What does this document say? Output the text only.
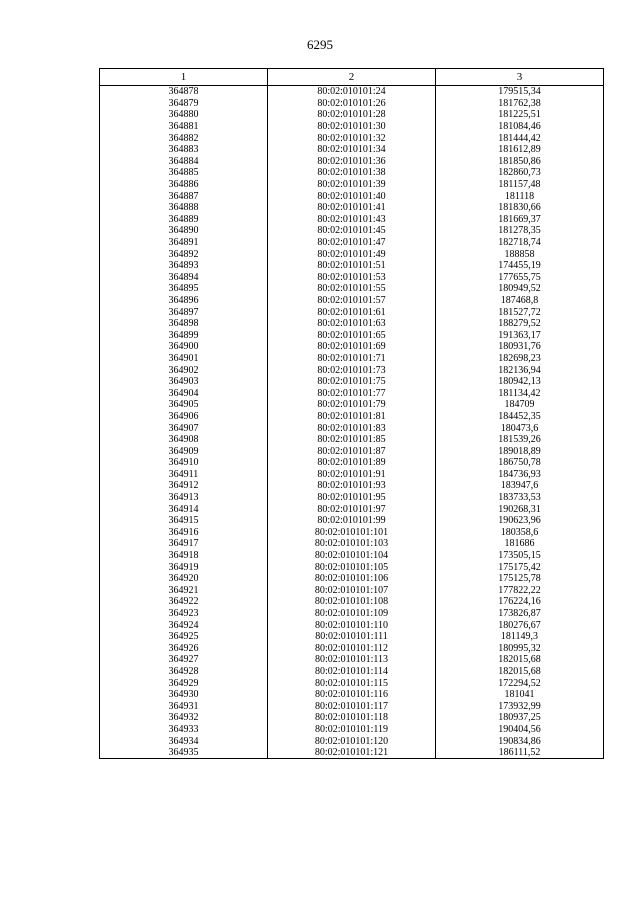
6295
1	2	3
364878	80:02:010101:24	179515,34
364879	80:02:010101:26	181762,38
364880	80:02:010101:28	181225,51
364881	80:02:010101:30	181084,46
364882	80:02:010101:32	181444,42
364883	80:02:010101:34	181612,89
364884	80:02:010101:36	181850,86
364885	80:02:010101:38	182860,73
364886	80:02:010101:39	181157,48
364887	80:02:010101:40	181118
364888	80:02:010101:41	181830,66
364889	80:02:010101:43	181669,37
364890	80:02:010101:45	181278,35
364891	80:02:010101:47	182718,74
364892	80:02:010101:49	188858
364893	80:02:010101:51	174455,19
364894	80:02:010101:53	177655,75
364895	80:02:010101:55	180949,52
364896	80:02:010101:57	187468,8
364897	80:02:010101:61	181527,72
364898	80:02:010101:63	188279,52
364899	80:02:010101:65	191363,17
364900	80:02:010101:69	180931,76
364901	80:02:010101:71	182698,23
364902	80:02:010101:73	182136,94
364903	80:02:010101:75	180942,13
364904	80:02:010101:77	181134,42
364905	80:02:010101:79	184709
364906	80:02:010101:81	184452,35
364907	80:02:010101:83	180473,6
364908	80:02:010101:85	181539,26
364909	80:02:010101:87	189018,89
364910	80:02:010101:89	186750,78
364911	80:02:010101:91	184736,93
364912	80:02:010101:93	183947,6
364913	80:02:010101:95	183733,53
364914	80:02:010101:97	190268,31
364915	80:02:010101:99	190623,96
364916	80:02:010101:101	180358,6
364917	80:02:010101:103	181686
364918	80:02:010101:104	173505,15
364919	80:02:010101:105	175175,42
364920	80:02:010101:106	175125,78
364921	80:02:010101:107	177822,22
364922	80:02:010101:108	176224,16
364923	80:02:010101:109	173826,87
364924	80:02:010101:110	180276,67
364925	80:02:010101:111	181149,3
364926	80:02:010101:112	180995,32
364927	80:02:010101:113	182015,68
364928	80:02:010101:114	182015,68
364929	80:02:010101:115	172294,52
364930	80:02:010101:116	181041
364931	80:02:010101:117	173932,99
364932	80:02:010101:118	180937,25
364933	80:02:010101:119	190404,56
364934	80:02:010101:120	190834,86
364935	80:02:010101:121	186111,52
